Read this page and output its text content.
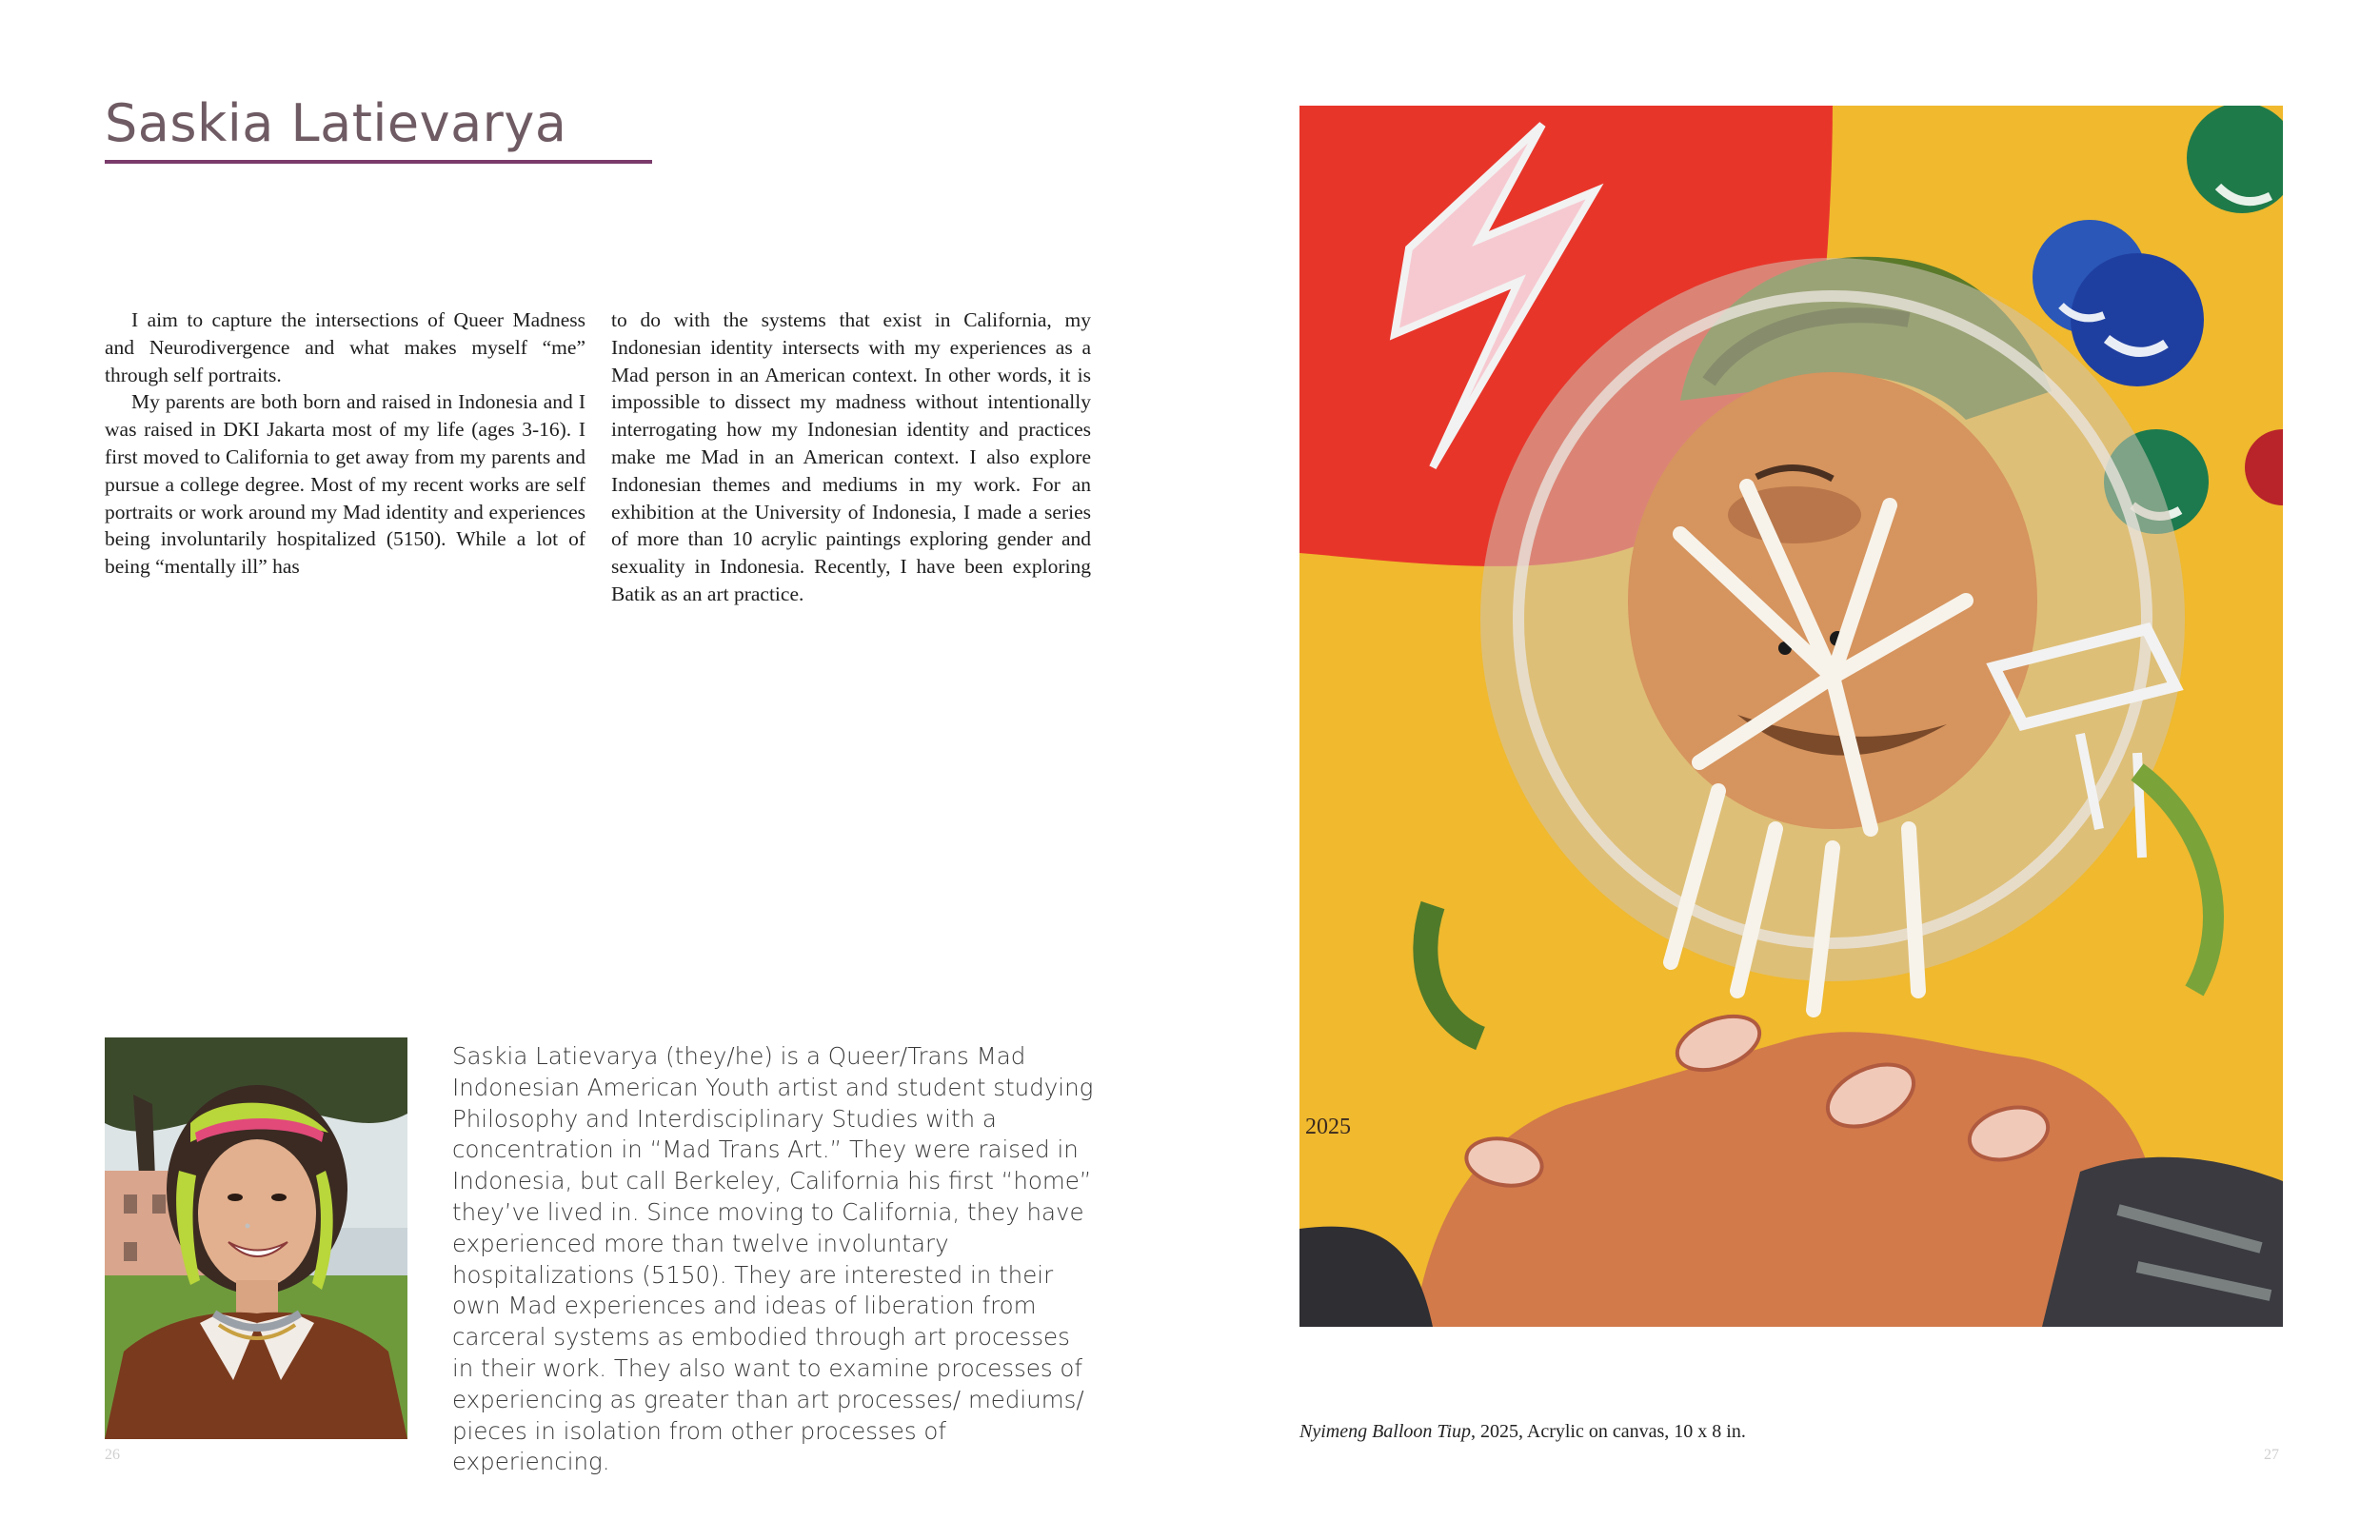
Saskia Latievarya

I aim to capture the intersections of Queer Madness and Neurodivergence and what makes myself “me” through self portraits.

My parents are both born and raised in Indonesia and I was raised in DKI Jakarta most of my life (ages 3-16). I first moved to California to get away from my parents and pursue a college degree. Most of my recent works are self portraits or work around my Mad identity and experiences being involuntarily hospitalized (5150). While a lot of being “mentally ill” has

to do with the systems that exist in California, my Indonesian identity intersects with my experiences as a Mad person in an American context. In other words, it is impossible to dissect my madness without intentionally interrogating how my Indonesian identity and practices make me Mad in an American context. I also explore Indonesian themes and mediums in my work. For an exhibition at the University of Indonesia, I made a series of more than 10 acrylic paintings exploring gender and sexuality in Indonesia. Recently, I have been exploring Batik as an art practice.

Saskia Latievarya (they/he) is a Queer/Trans Mad Indonesian American Youth artist and student studying Philosophy and Interdisciplinary Studies with a concentration in “Mad Trans Art.” They were raised in Indonesia, but call Berkeley, California his first “home” they’ve lived in. Since moving to California, they have experienced more than twelve involuntary hospitalizations (5150). They are interested in their own Mad experiences and ideas of liberation from carceral systems as embodied through art processes in their work. They also want to examine processes of experiencing as greater than art processes/ mediums/ pieces in isolation from other processes of experiencing.

2025
Nyimeng Balloon Tiup, 2025, Acrylic on canvas, 10 x 8 in.
26	27
